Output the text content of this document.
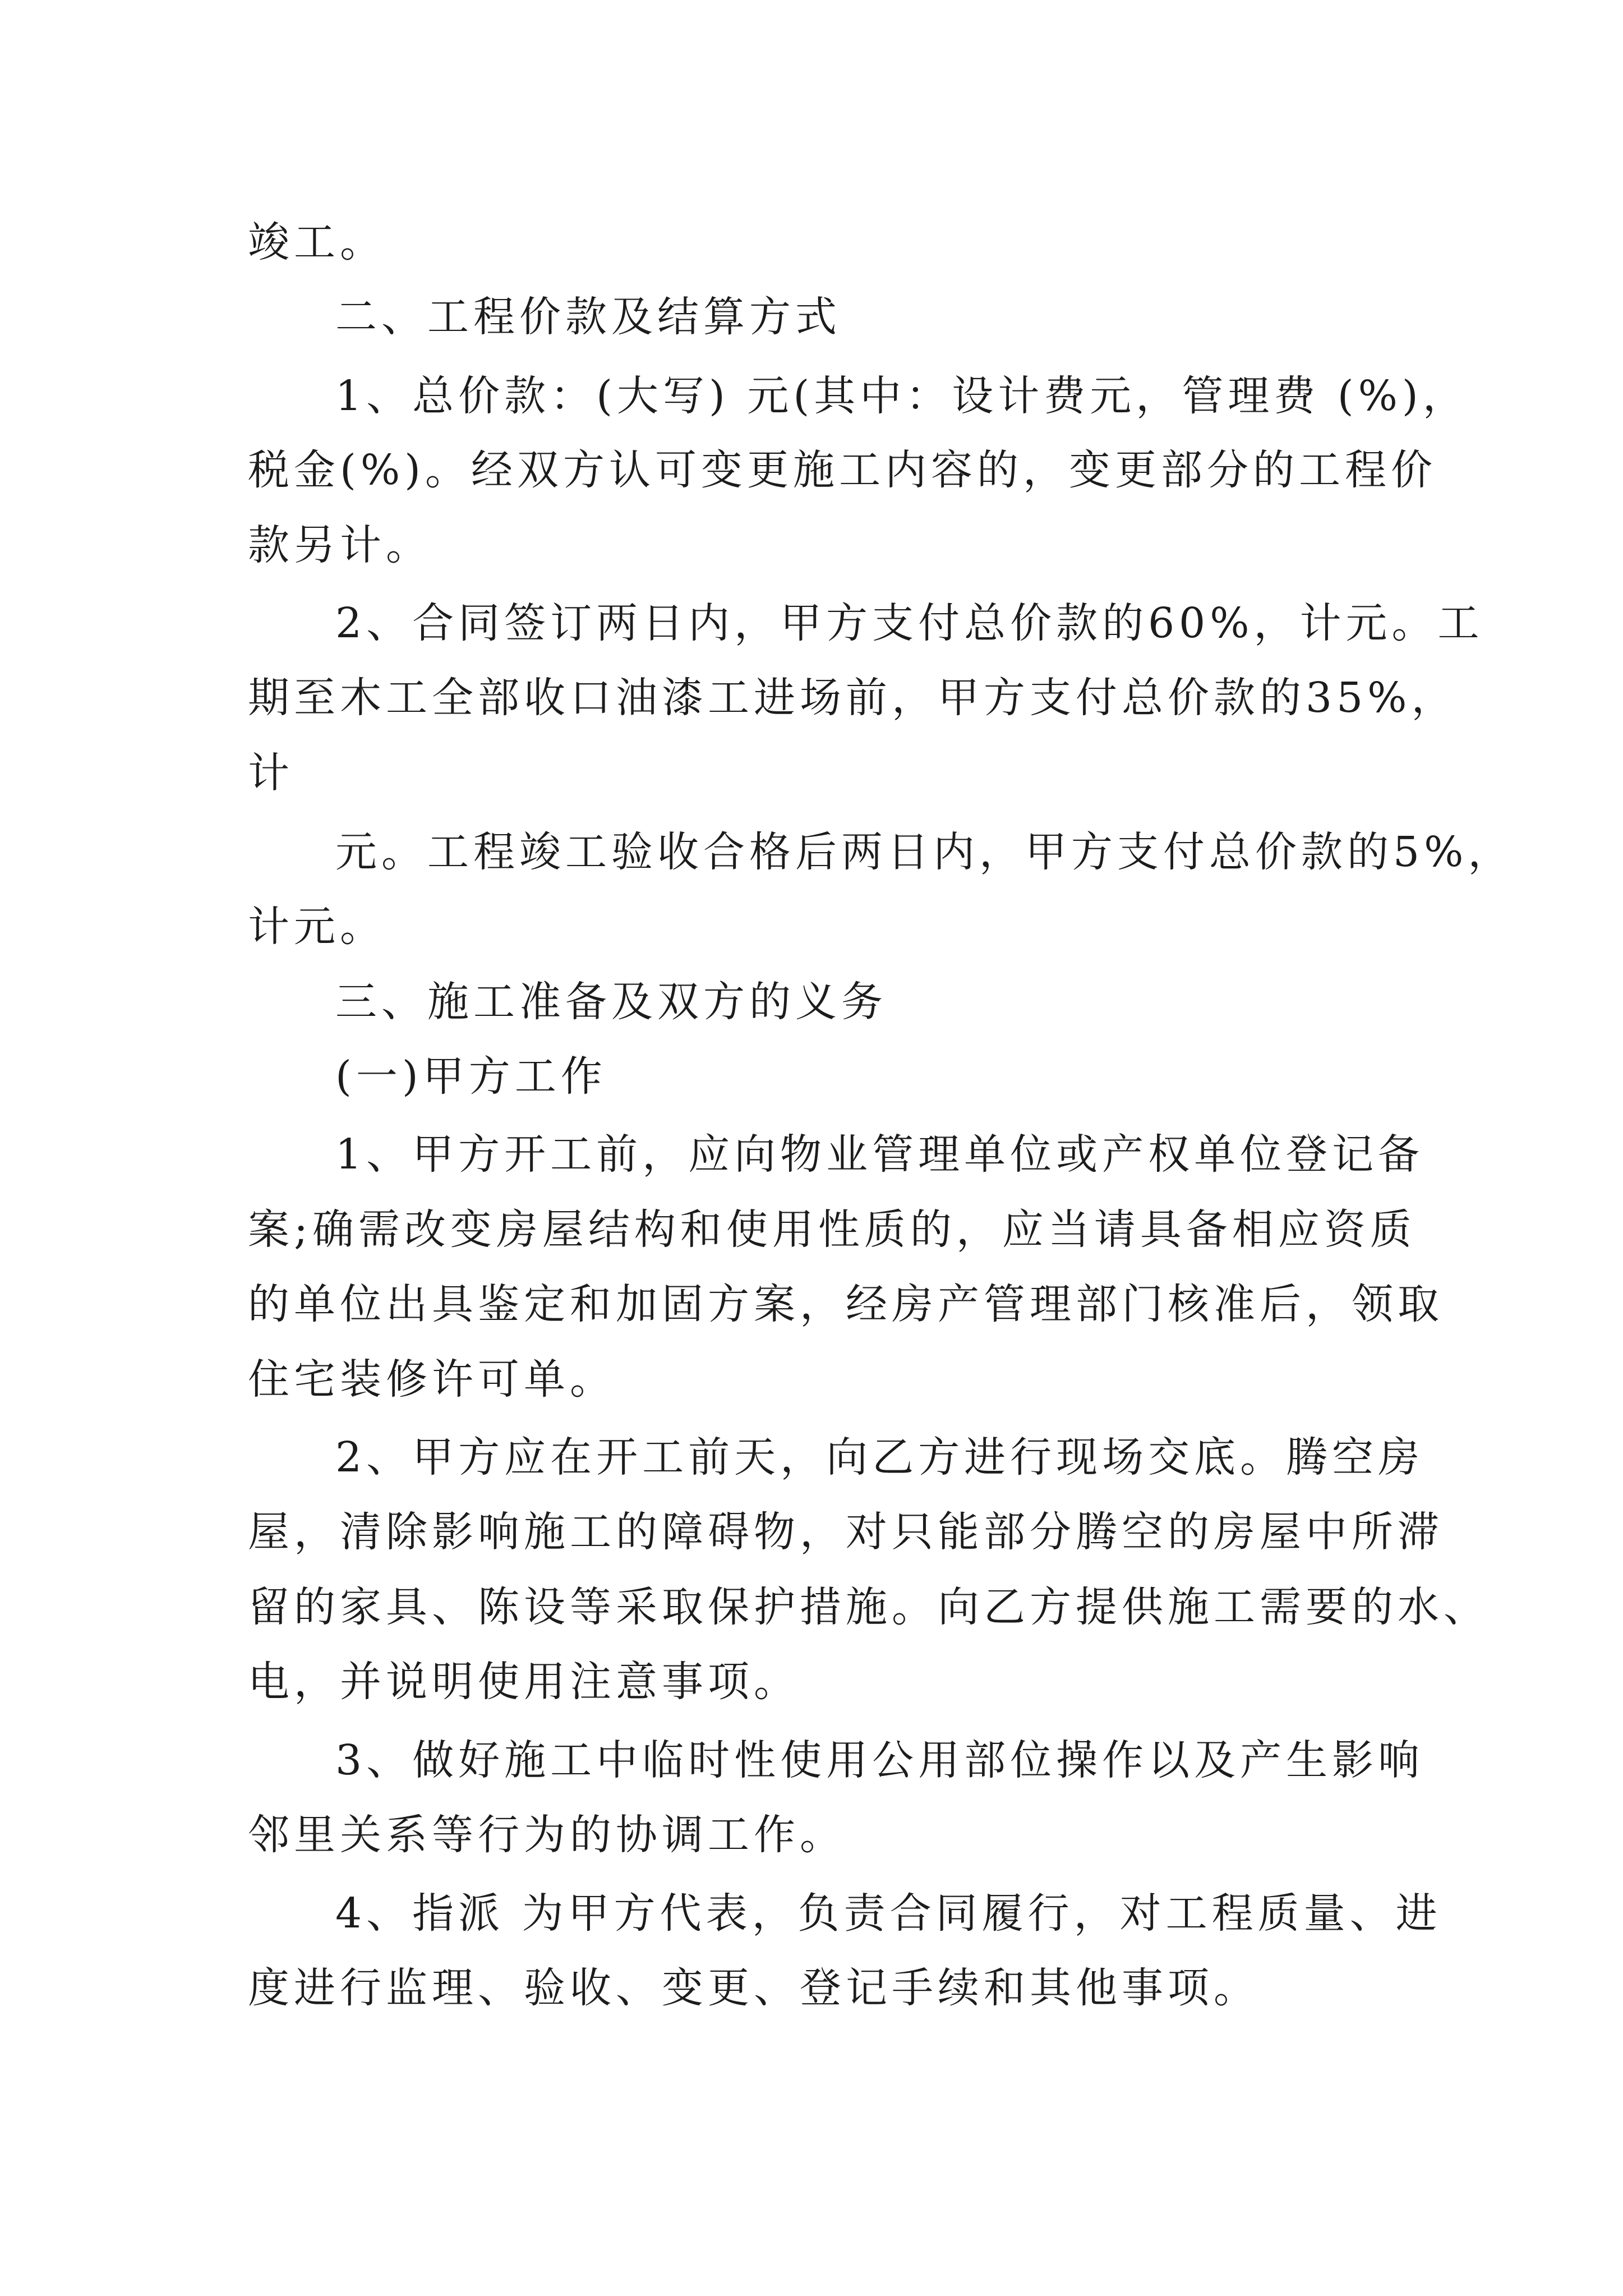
竣工。
二、工程价款及结算方式
1、总价款：(大写) 元(其中：设计费元，管理费 (%)，
税金(%)。经双方认可变更施工内容的，变更部分的工程价
款另计。
2、合同签订两日内，甲方支付总价款的60%，计元。工
期至木工全部收口油漆工进场前，甲方支付总价款的35%，
计
元。工程竣工验收合格后两日内，甲方支付总价款的5%，
计元。
三、施工准备及双方的义务
(一)甲方工作
1、甲方开工前，应向物业管理单位或产权单位登记备
案;确需改变房屋结构和使用性质的，应当请具备相应资质
的单位出具鉴定和加固方案，经房产管理部门核准后，领取
住宅装修许可单。
2、甲方应在开工前天，向乙方进行现场交底。腾空房
屋，清除影响施工的障碍物，对只能部分腾空的房屋中所滞
留的家具、陈设等采取保护措施。向乙方提供施工需要的水、
电，并说明使用注意事项。
3、做好施工中临时性使用公用部位操作以及产生影响
邻里关系等行为的协调工作。
4、指派 为甲方代表，负责合同履行，对工程质量、进
度进行监理、验收、变更、登记手续和其他事项。
